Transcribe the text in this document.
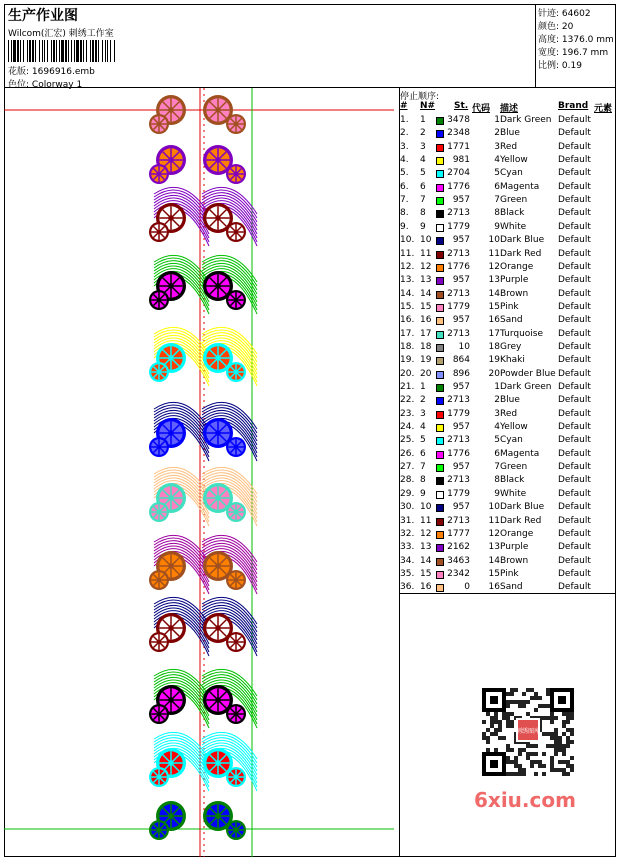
生产作业图
Wilcom(汇宏) 刺绣工作室
花版: 1696916.emb
色位: Colorway 1
针迹: 64602
颜色: 20
高度: 1376.0 mm
宽度: 196.7 mm
比例: 0.19
停止顺序:
# N# St. 代码 描述	Brand 元素
1. 1	3478	1 Dark Green Default
2. 2	2348	2 Blue	Default
3. 3	1771	3 Red	Default
4. 4	981	4 Yellow	Default
5. 5	2704	5 Cyan	Default
6. 6	1776	6 Magenta Default
7. 7	957	7 Green	Default
8. 8	2713	8 Black	Default
9. 9	1779	9 White	Default
10. 10	957	10 Dark Blue Default
11. 11	2713	11 Dark Red Default
12. 12	1776	12 Orange	Default
13. 13	957	13 Purple	Default
14. 14	2713	14 Brown	Default
15. 15	1779	15 Pink	Default
16. 16	957	16 Sand	Default
17. 17	2713	17 Turquoise Default
18. 18	10	18 Grey	Default
19. 19	864	19 Khaki	Default
20. 20	896	20 Powder Blue Default
21. 1	957	1 Dark Green Default
22. 2	2713	2 Blue	Default
23. 3	1779	3 Red	Default
24. 4	957	4 Yellow	Default
25. 5	2713	5 Cyan	Default
26. 6	1776	6 Magenta Default
27. 7	957	7 Green	Default
28. 8	2713	8 Black	Default
29. 9	1779	9 White	Default
30. 10	957	10 Dark Blue Default
31. 11	2713	11 Dark Red Default
32. 12	1777	12 Orange	Default
33. 13	2162	13 Purple	Default
34. 14	3463	14 Brown	Default
35. 15	2342	15 Pink	Default
36. 16	0	16 Sand	Default
刺绣图库
6xiu.com
